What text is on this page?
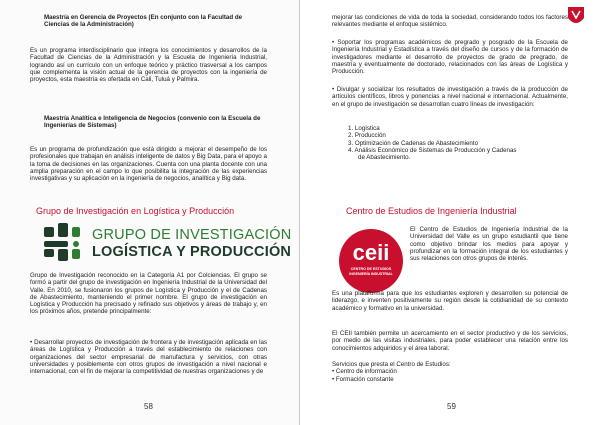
Maestría en Gerencia de Proyectos (En conjunto con la Facultad de Ciencias de la Administración)
Es un programa interdisciplinario que integra los conocimientos y desarrollos de la Facultad de Ciencias de la Administración y la Escuela de Ingeniería Industrial, logrando así un currículo con un enfoque teórico y práctico trasversal a los campos que complementa la visión actual de la gerencia de proyectos con la ingeniería de proyectos, esta maestría es ofertada en Cali, Tuluá y Palmira.
Maestría Analítica e Inteligencia de Negocios (convenio con la Escuela de Ingenierías de Sistemas)
Es un programa de profundización que está dirigido a mejorar el desempeño de los profesionales que trabajan en análisis inteligente de datos y Big Data, para el apoyo a la toma de decisiones en las organizaciones. Cuenta con una planta docente con una amplia preparación en el campo lo que posibilita la integración de las experiencias investigativas y su aplicación en la ingeniería de negocios, analítica y Big data.
Grupo de Investigación en Logística y Producción
GRUPO DE INVESTIGACIÓN
LOGÍSTICA Y PRODUCCIÓN
Grupo de Investigación reconocido en la Categoría A1 por Colciencias. El grupo se formó a partir del grupo de investigación en Ingeniería Industrial de la Universidad del Valle. En 2010, se fusionaron los grupos de Logística y Producción y el de Cadenas de Abastecimiento, manteniendo el primer nombre. El grupo de investigación en Logística y Producción ha precisado y refinado sus objetivos y áreas de trabajo y, en los próximos años, pretende principalmente:
• Desarrollar proyectos de investigación de frontera y de investigación aplicada en las áreas de Logística y Producción a través del establecimiento de relaciones con organizaciones del sector empresarial de manufactura y servicios, con otras universidades y posiblemente con otros grupos de investigación a nivel nacional e internacional, con el fin de mejorar la competitividad de nuestras organizaciones y de
58
mejorar las condiciones de vida de toda la sociedad, considerando todos los factores relevantes mediante el enfoque sistémico.
• Soportar los programas académicos de pregrado y posgrado de la Escuela de Ingeniería Industrial y Estadística a través del diseño de cursos y de la formación de investigadores mediante el desarrollo de proyectos de grado de pregrado, de maestría y eventualmente de doctorado, relacionados con las áreas de Logística y Producción.
• Divulgar y socializar los resultados de investigación a través de la producción de artículos científicos, libros y ponencias a nivel nacional e internacional. Actualmente, en el grupo de investigación se desarrollan cuatro líneas de investigación:
1. Logística
2. Producción
3. Optimización de Cadenas de Abastecimiento
4. Análisis Económico de Sistemas de Producción y Cadenas
de Abastecimiento.
Centro de Estudios de Ingeniería Industrial
ceii
CENTRO DE ESTUDIOS
INGENIERÍA INDUSTRIAL
El Centro de Estudios de Ingeniería Industrial de la Universidad del Valle es un grupo estudiantil que tiene como objetivo brindar los medios para apoyar y profundizar en la formación integral de los estudiantes y sus relaciones con otros grupos de interés.
Es una plataforma para que los estudiantes exploren y desarrollen su potencial de liderazgo, e inventen positivamente su región desde la cotidianidad de su contexto académico y formativo en la universidad.
El CEII también permite un acercamiento en el sector productivo y de los servicios, por medio de las visitas industriales, para poder establecer una relación entre los conocimientos adquiridos y el área laboral.
Servicios que presta el Centro de Estudios:
• Centro de información
• Formación constante
59
